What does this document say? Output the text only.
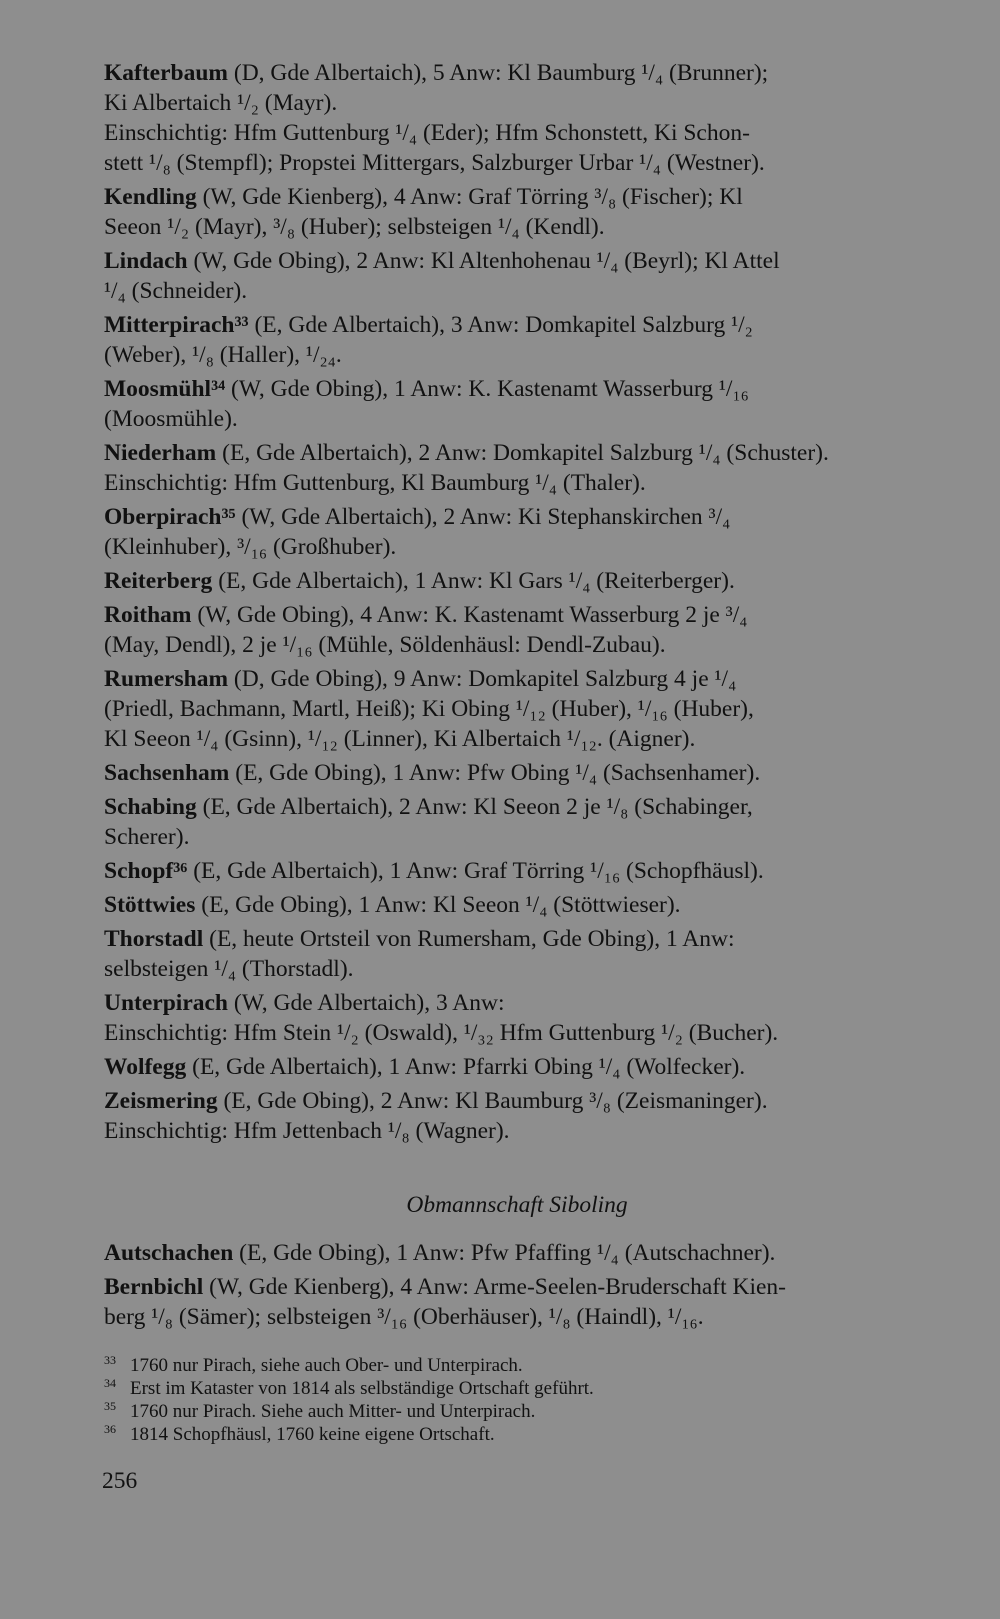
Kafterbaum (D, Gde Albertaich), 5 Anw: Kl Baumburg ¹/₄ (Brunner);
Ki Albertaich ¹/₂ (Mayr).
Einschichtig: Hfm Guttenburg ¹/₄ (Eder); Hfm Schonstett, Ki Schon-
stett ¹/₈ (Stempfl); Propstei Mittergars, Salzburger Urbar ¹/₄ (Westner).
Kendling (W, Gde Kienberg), 4 Anw: Graf Törring ³/₈ (Fischer); Kl
Seeon ¹/₂ (Mayr), ³/₈ (Huber); selbsteigen ¹/₄ (Kendl).
Lindach (W, Gde Obing), 2 Anw: Kl Altenhohenau ¹/₄ (Beyrl); Kl Attel
¹/₄ (Schneider).
Mitterpirach³³ (E, Gde Albertaich), 3 Anw: Domkapitel Salzburg ¹/₂
(Weber), ¹/₈ (Haller), ¹/₂₄.
Moosmühl³⁴ (W, Gde Obing), 1 Anw: K. Kastenamt Wasserburg ¹/₁₆
(Moosmühle).
Niederham (E, Gde Albertaich), 2 Anw: Domkapitel Salzburg ¹/₄ (Schuster).
Einschichtig: Hfm Guttenburg, Kl Baumburg ¹/₄ (Thaler).
Oberpirach³⁵ (W, Gde Albertaich), 2 Anw: Ki Stephanskirchen ³/₄
(Kleinhuber), ³/₁₆ (Großhuber).
Reiterberg (E, Gde Albertaich), 1 Anw: Kl Gars ¹/₄ (Reiterberger).
Roitham (W, Gde Obing), 4 Anw: K. Kastenamt Wasserburg 2 je ³/₄
(May, Dendl), 2 je ¹/₁₆ (Mühle, Söldenhäusl: Dendl-Zubau).
Rumersham (D, Gde Obing), 9 Anw: Domkapitel Salzburg 4 je ¹/₄
(Priedl, Bachmann, Martl, Heiß); Ki Obing ¹/₁₂ (Huber), ¹/₁₆ (Huber),
Kl Seeon ¹/₄ (Gsinn), ¹/₁₂ (Linner), Ki Albertaich ¹/₁₂. (Aigner).
Sachsenham (E, Gde Obing), 1 Anw: Pfw Obing ¹/₄ (Sachsenhamer).
Schabing (E, Gde Albertaich), 2 Anw: Kl Seeon 2 je ¹/₈ (Schabinger,
Scherer).
Schopf³⁶ (E, Gde Albertaich), 1 Anw: Graf Törring ¹/₁₆ (Schopfhäusl).
Stöttwies (E, Gde Obing), 1 Anw: Kl Seeon ¹/₄ (Stöttwieser).
Thorstadl (E, heute Ortsteil von Rumersham, Gde Obing), 1 Anw:
selbsteigen ¹/₄ (Thorstadl).
Unterpirach (W, Gde Albertaich), 3 Anw:
Einschichtig: Hfm Stein ¹/₂ (Oswald), ¹/₃₂ Hfm Guttenburg ¹/₂ (Bucher).
Wolfegg (E, Gde Albertaich), 1 Anw: Pfarrki Obing ¹/₄ (Wolfecker).
Zeismering (E, Gde Obing), 2 Anw: Kl Baumburg ³/₈ (Zeismaninger).
Einschichtig: Hfm Jettenbach ¹/₈ (Wagner).
Obmannschaft Siboling
Autschachen (E, Gde Obing), 1 Anw: Pfw Pfaffing ¹/₄ (Autschachner).
Bernbichl (W, Gde Kienberg), 4 Anw: Arme-Seelen-Bruderschaft Kien-
berg ¹/₈ (Sämer); selbsteigen ³/₁₆ (Oberhäuser), ¹/₈ (Haindl), ¹/₁₆.
33 1760 nur Pirach, siehe auch Ober- und Unterpirach.
34 Erst im Kataster von 1814 als selbständige Ortschaft geführt.
35 1760 nur Pirach. Siehe auch Mitter- und Unterpirach.
36 1814 Schopfhäusl, 1760 keine eigene Ortschaft.
256
